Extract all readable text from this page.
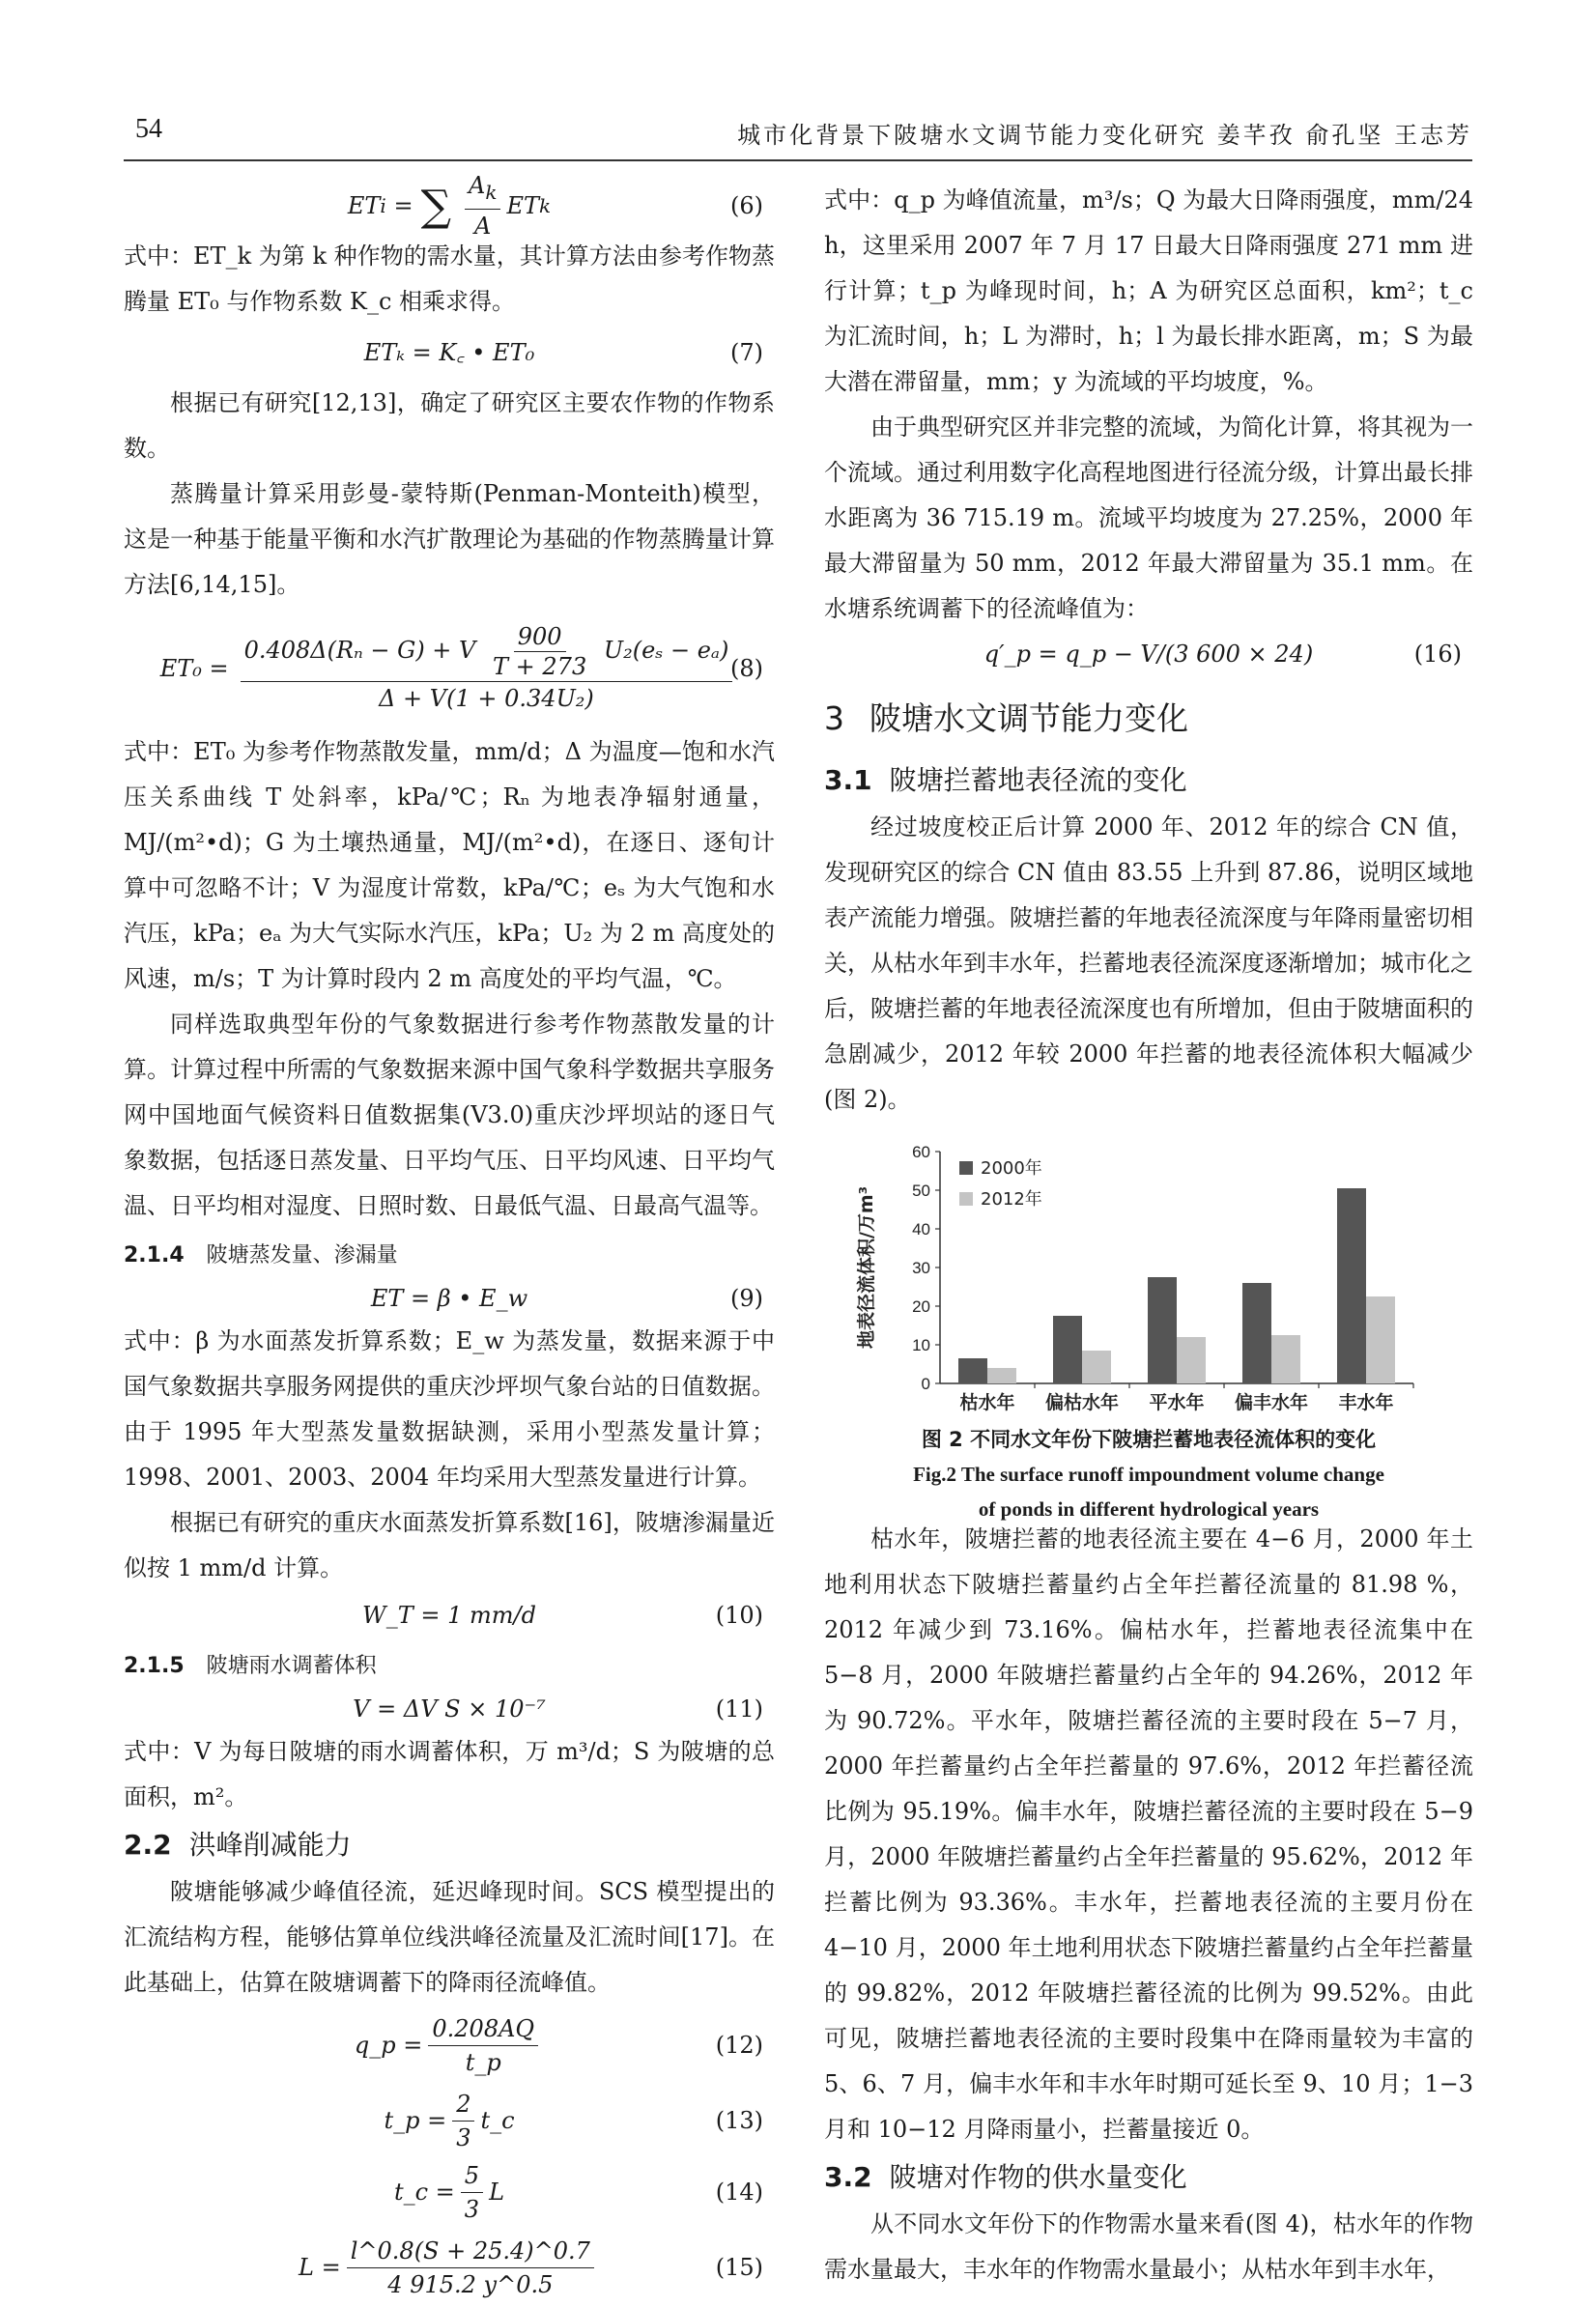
54	城市化背景下陂塘水文调节能力变化研究 姜芊孜 俞孔坚 王志芳
ET i = ∑ $\frac{A_k}{A}$ ET k	(6)

式中：ET_k 为第 k 种作物的需水量，其计算方法由参考作物蒸腾量 ET₀ 与作物系数 K_c 相乘求得。

ETₖ = K꜀ • ET₀	(7)

根据已有研究[12,13]，确定了研究区主要农作物的作物系数。

蒸腾量计算采用彭曼-蒙特斯(Penman-Monteith)模型，这是一种基于能量平衡和水汽扩散理论为基础的作物蒸腾量计算方法[6,14,15]。

$ET_0 = \frac{0.408\Delta(R_n - G) + V \frac{900}{T + 273} U_2(e_s - e_a)}{\text{Δ + V(1 + 0.34U₂)}}$
(8)

式中：ET₀ 为参考作物蒸散发量，mm/d；Δ 为温度—饱和水汽压关系曲线 T 处斜率，kPa/℃；Rₙ 为地表净辐射通量，MJ/(m²•d)；G 为土壤热通量，MJ/(m²•d)，在逐日、逐旬计算中可忽略不计；V 为湿度计常数，kPa/℃；eₛ 为大气饱和水汽压，kPa；eₐ 为大气实际水汽压，kPa；U₂ 为 2 m 高度处的风速，m/s；T 为计算时段内 2 m 高度处的平均气温，℃。

同样选取典型年份的气象数据进行参考作物蒸散发量的计算。计算过程中所需的气象数据来源中国气象科学数据共享服务网中国地面气候资料日值数据集(V3.0)重庆沙坪坝站的逐日气象数据，包括逐日蒸发量、日平均气压、日平均风速、日平均气温、日平均相对湿度、日照时数、日最低气温、日最高气温等。

2.1.4 陂塘蒸发量、渗漏量
ET = β • E_w	(9)

式中：β 为水面蒸发折算系数；E_w 为蒸发量，数据来源于中国气象数据共享服务网提供的重庆沙坪坝气象台站的日值数据。由于 1995 年大型蒸发量数据缺测，采用小型蒸发量计算；1998、2001、2003、2004 年均采用大型蒸发量进行计算。

根据已有研究的重庆水面蒸发折算系数[16]，陂塘渗漏量近似按 1 mm/d 计算。

W_T = 1 mm/d	(10)
2.1.5 陂塘雨水调蓄体积
V = ΔV S × 10⁻⁷	(11)

式中：V 为每日陂塘的雨水调蓄体积，万 m³/d；S 为陂塘的总面积，m²。

2.2 洪峰削减能力

陂塘能够减少峰值径流，延迟峰现时间。SCS 模型提出的汇流结构方程，能够估算单位线洪峰径流量及汇流时间[17]。在此基础上，估算在陂塘调蓄下的降雨径流峰值。

q_p = $\frac{0.208AQ}{t\_p}$	(12)
t_p = $\frac{2}{3}$ t_c	(13)
t_c = $\frac{5}{3}$ L	(14)
$L = \frac{l\^{}0.8(S + 25.4)\^{}0.7}{4 915.2 y\^{}0.5}$	(15)

式中：q_p 为峰值流量，m³/s；Q 为最大日降雨强度，mm/24 h，这里采用 2007 年 7 月 17 日最大日降雨强度 271 mm 进行计算；t_p 为峰现时间，h；A 为研究区总面积，km²；t_c 为汇流时间，h；L 为滞时，h；l 为最长排水距离，m；S 为最大潜在滞留量，mm；y 为流域的平均坡度，%。

由于典型研究区并非完整的流域，为简化计算，将其视为一个流域。通过利用数字化高程地图进行径流分级，计算出最长排水距离为 36 715.19 m。流域平均坡度为 27.25%，2000 年最大滞留量为 50 mm，2012 年最大滞留量为 35.1 mm。在水塘系统调蓄下的径流峰值为：

q′_p = q_p − V/(3 600 × 24)	(16)
3 陂塘水文调节能力变化
3.1 陂塘拦蓄地表径流的变化

经过坡度校正后计算 2000 年、2012 年的综合 CN 值，发现研究区的综合 CN 值由 83.55 上升到 87.86，说明区域地表产流能力增强。陂塘拦蓄的年地表径流深度与年降雨量密切相关，从枯水年到丰水年，拦蓄地表径流深度逐渐增加；城市化之后，陂塘拦蓄的年地表径流深度也有所增加，但由于陂塘面积的急剧减少，2012 年较 2000 年拦蓄的地表径流体积大幅减少(图 2)。

0
10
20
30
40
50
60
地表径流体积/万m³
枯水年 偏枯水年 平水年 偏丰水年 丰水年
2000年
2012年
图 2 不同水文年份下陂塘拦蓄地表径流体积的变化
Fig.2 The surface runoff impoundment volume change
of ponds in different hydrological years

枯水年，陂塘拦蓄的地表径流主要在 4−6 月，2000 年土地利用状态下陂塘拦蓄量约占全年拦蓄径流量的 81.98 %，2012 年减少到 73.16%。偏枯水年，拦蓄地表径流集中在 5−8 月，2000 年陂塘拦蓄量约占全年的 94.26%，2012 年为 90.72%。平水年，陂塘拦蓄径流的主要时段在 5−7 月，2000 年拦蓄量约占全年拦蓄量的 97.6%，2012 年拦蓄径流比例为 95.19%。偏丰水年，陂塘拦蓄径流的主要时段在 5−9 月，2000 年陂塘拦蓄量约占全年拦蓄量的 95.62%，2012 年拦蓄比例为 93.36%。丰水年，拦蓄地表径流的主要月份在 4−10 月，2000 年土地利用状态下陂塘拦蓄量约占全年拦蓄量的 99.82%，2012 年陂塘拦蓄径流的比例为 99.52%。由此可见，陂塘拦蓄地表径流的主要时段集中在降雨量较为丰富的 5、6、7 月，偏丰水年和丰水年时期可延长至 9、10 月；1−3 月和 10−12 月降雨量小，拦蓄量接近 0。

3.2 陂塘对作物的供水量变化

从不同水文年份下的作物需水量来看(图 4)，枯水年的作物需水量最大，丰水年的作物需水量最小；从枯水年到丰水年，
